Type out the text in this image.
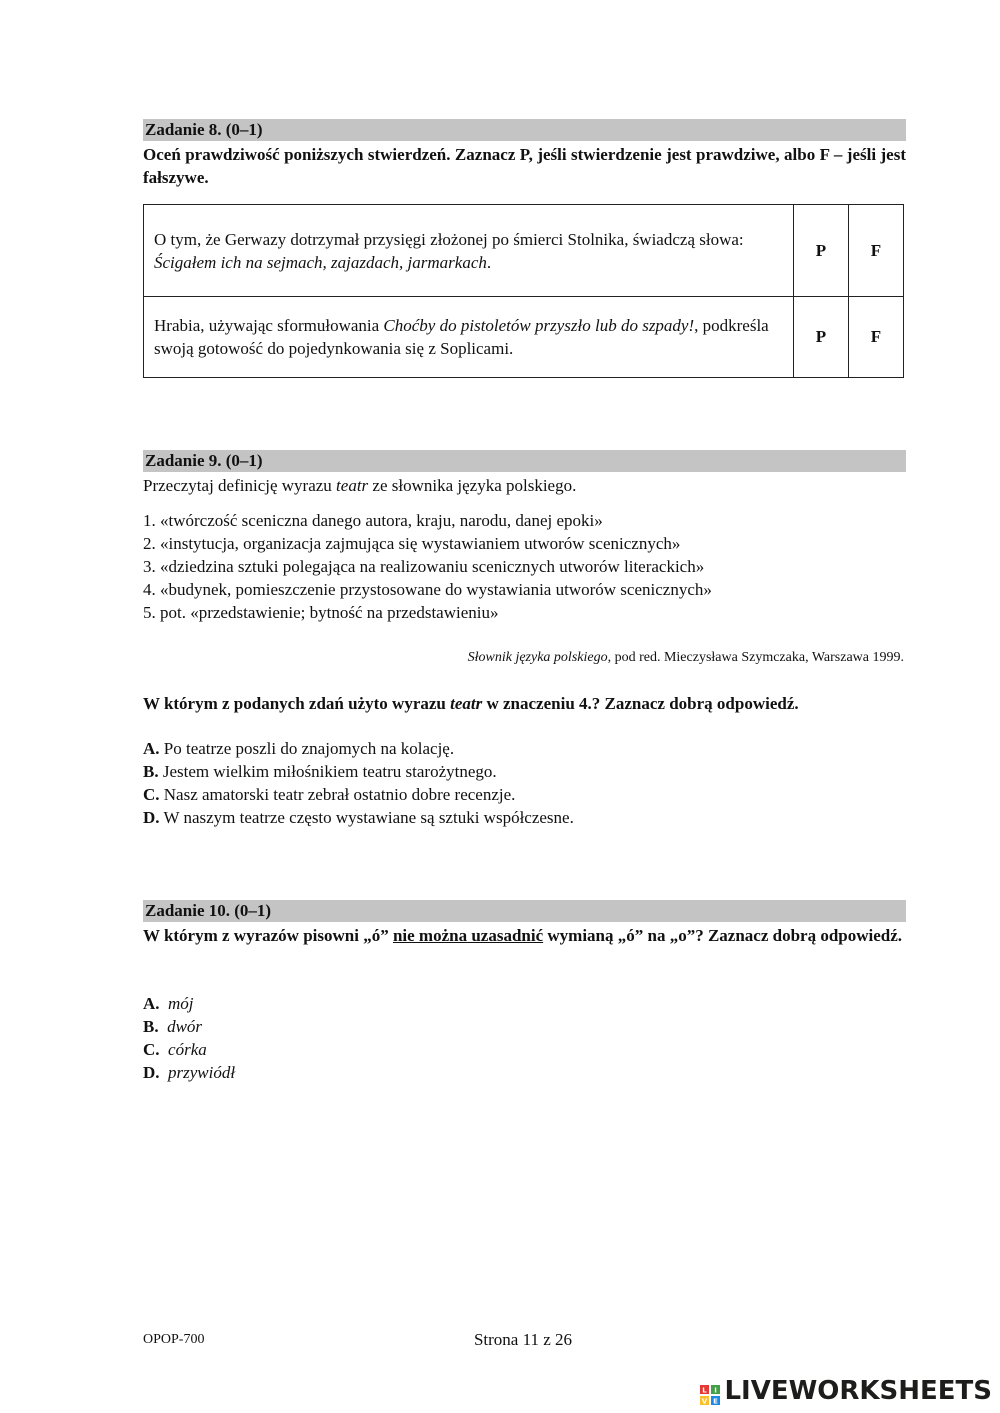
Zadanie 8. (0–1)
Oceń prawdziwość poniższych stwierdzeń. Zaznacz P, jeśli stwierdzenie jest prawdziwe, albo F – jeśli jest fałszywe.
O tym, że Gerwazy dotrzymał przysięgi złożonej po śmierci Stolnika, świadczą słowa: Ścigałem ich na sejmach, zajazdach, jarmarkach.	P	F
Hrabia, używając sformułowania Choćby do pistoletów przyszło lub do szpady!, podkreśla swoją gotowość do pojedynkowania się z Soplicami.	P	F
Zadanie 9. (0–1)
Przeczytaj definicję wyrazu teatr ze słownika języka polskiego.
1. «twórczość sceniczna danego autora, kraju, narodu, danej epoki»
2. «instytucja, organizacja zajmująca się wystawianiem utworów scenicznych»
3. «dziedzina sztuki polegająca na realizowaniu scenicznych utworów literackich»
4. «budynek, pomieszczenie przystosowane do wystawiania utworów scenicznych»
5. pot. «przedstawienie; bytność na przedstawieniu»
Słownik języka polskiego, pod red. Mieczysława Szymczaka, Warszawa 1999.
W którym z podanych zdań użyto wyrazu teatr w znaczeniu 4.? Zaznacz dobrą odpowiedź.
A. Po teatrze poszli do znajomych na kolację.
B. Jestem wielkim miłośnikiem teatru starożytnego.
C. Nasz amatorski teatr zebrał ostatnio dobre recenzje.
D. W naszym teatrze często wystawiane są sztuki współczesne.
Zadanie 10. (0–1)
W którym z wyrazów pisowni „ó” nie można uzasadnić wymianą „ó” na „o”? Zaznacz dobrą odpowiedź.
A. mój
B. dwór
C. córka
D. przywiódł
OPOP-700	Strona 11 z 26
L I
V E LIVEWORKSHEETS
